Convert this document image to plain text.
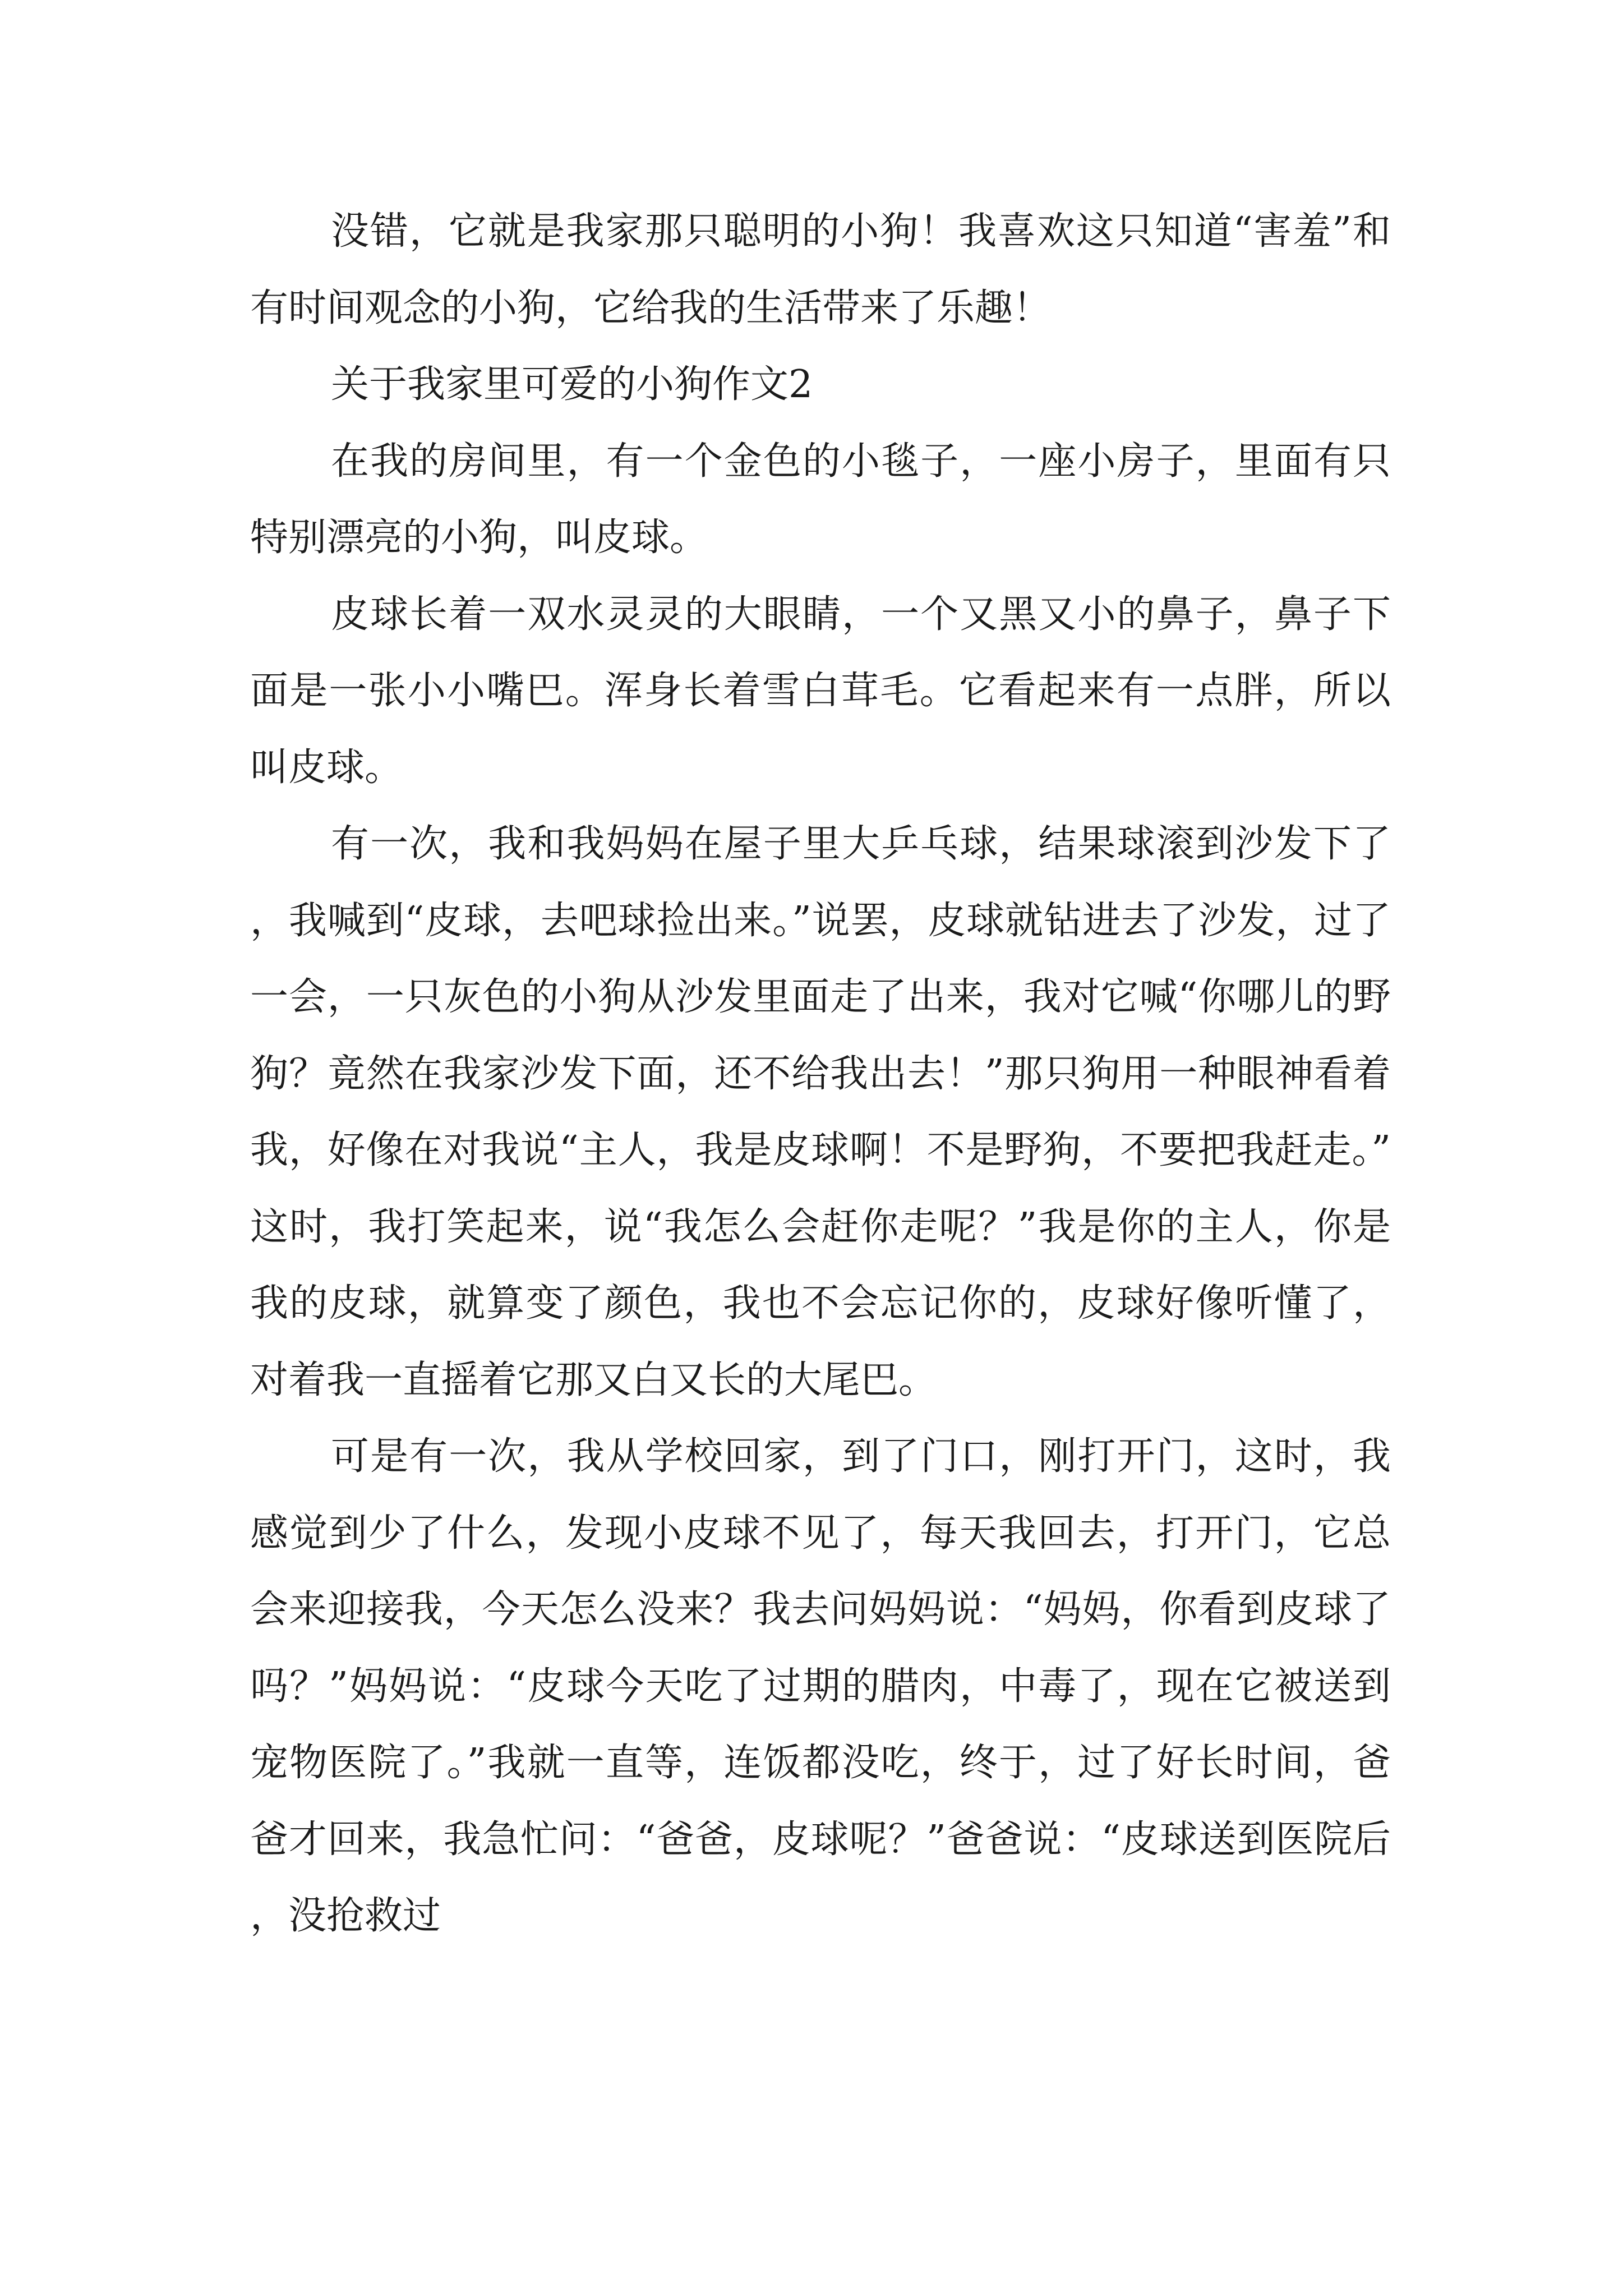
没错，它就是我家那只聪明的小狗！我喜欢这只知道“害羞”和有时间观念的小狗，它给我的生活带来了乐趣！

关于我家里可爱的小狗作文2

在我的房间里，有一个金色的小毯子，一座小房子，里面有只特别漂亮的小狗，叫皮球。

皮球长着一双水灵灵的大眼睛，一个又黑又小的鼻子，鼻子下面是一张小小嘴巴。浑身长着雪白茸毛。它看起来有一点胖，所以叫皮球。

有一次，我和我妈妈在屋子里大乒乓球，结果球滚到沙发下了，我喊到“皮球，去吧球捡出来。”说罢，皮球就钻进去了沙发，过了一会，一只灰色的小狗从沙发里面走了出来，我对它喊“你哪儿的野狗？竟然在我家沙发下面，还不给我出去！”那只狗用一种眼神看着我，好像在对我说“主人，我是皮球啊！不是野狗，不要把我赶走。”这时，我打笑起来，说“我怎么会赶你走呢？”我是你的主人，你是我的皮球，就算变了颜色，我也不会忘记你的，皮球好像听懂了，对着我一直摇着它那又白又长的大尾巴。

可是有一次，我从学校回家，到了门口，刚打开门，这时，我感觉到少了什么，发现小皮球不见了，每天我回去，打开门，它总会来迎接我，今天怎么没来？我去问妈妈说：“妈妈，你看到皮球了吗？”妈妈说：“皮球今天吃了过期的腊肉，中毒了，现在它被送到宠物医院了。”我就一直等，连饭都没吃，终于，过了好长时间，爸爸才回来，我急忙问：“爸爸，皮球呢？”爸爸说：“皮球送到医院后，没抢救过
